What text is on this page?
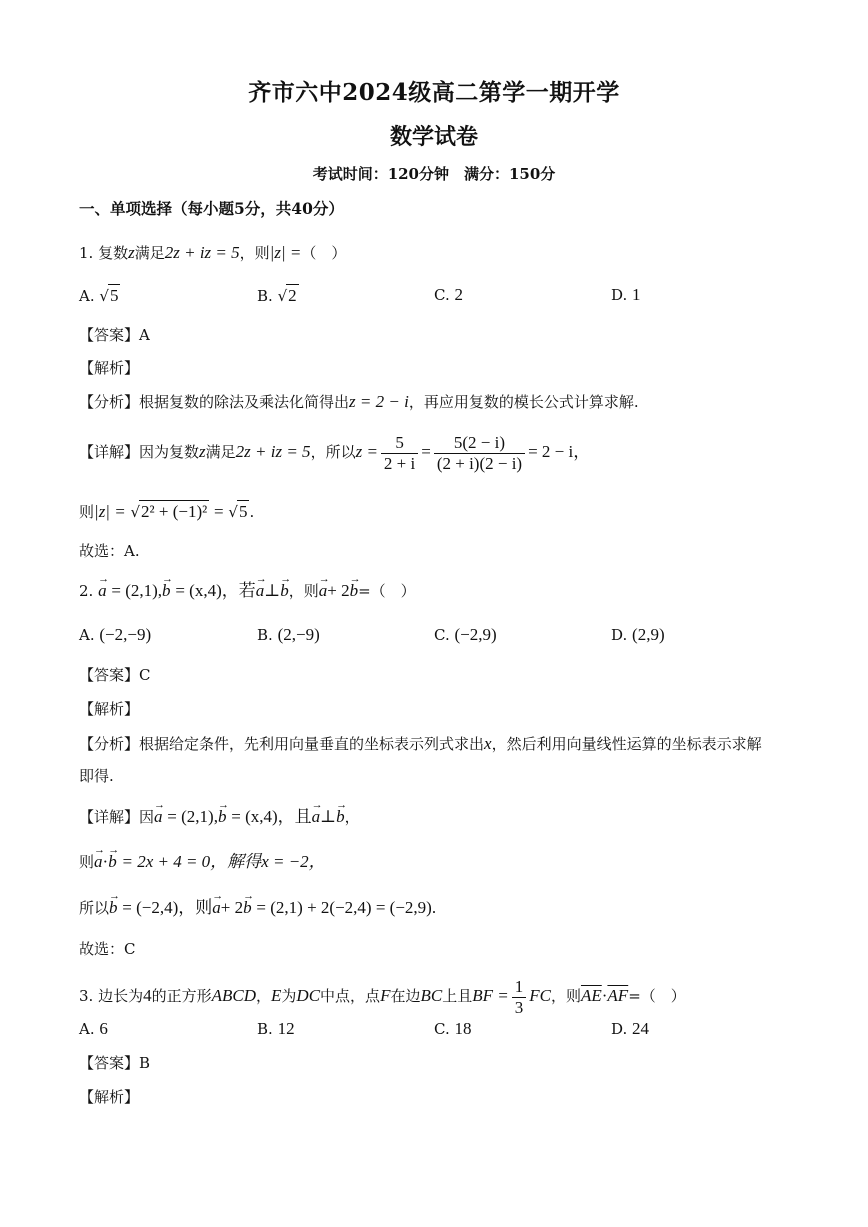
齐市六中2024级高二第学一期开学
数学试卷
考试时间：120分钟　满分：150分
一、单项选择（每小题5分，共40分）
1. 复数z满足2z + iz = 5，则|z| =（　）
A. √5	B. √2	C. 2	D. 1
【答案】A
【解析】
【分析】根据复数的除法及乘法化简得出z = 2 − i，再应用复数的模长公式计算求解.
【详解】因为复数z满足2z + iz = 5，所以$z = \frac{5}{2 + i} = \frac{5(2 - i)}{(2 + i)(2 - i)} = 2 - i$，
则|z| = √2² + (−1)² = √5 .
故选：A.
2. → a = (2,1),→ b = (x,4)，若→ a⊥→ b，则→ a+ 2→ b=（　）
A. (−2,−9)	B. (2,−9)	C. (−2,9)	D. (2,9)
【答案】C
【解析】
【分析】根据给定条件，先利用向量垂直的坐标表示列式求出x，然后利用向量线性运算的坐标表示求解
即得.
【详解】因→ a = (2,1),→ b = (x,4)，且→ a⊥→ b，
则→ a·→ b = 2x + 4 = 0，解得x = −2，
所以→ b = (−2,4)，则→ a+ 2→ b = (2,1) + 2(−2,4) = (−2,9).
故选：C
3. 边长为4的正方形ABCD，E为DC中点，点F在边BC上且BF = $\frac{1}{3}$ FC，则$\overline{AE}\cdot\overline{AF}=$（　）
A. 6	B. 12	C. 18	D. 24
【答案】B
【解析】
